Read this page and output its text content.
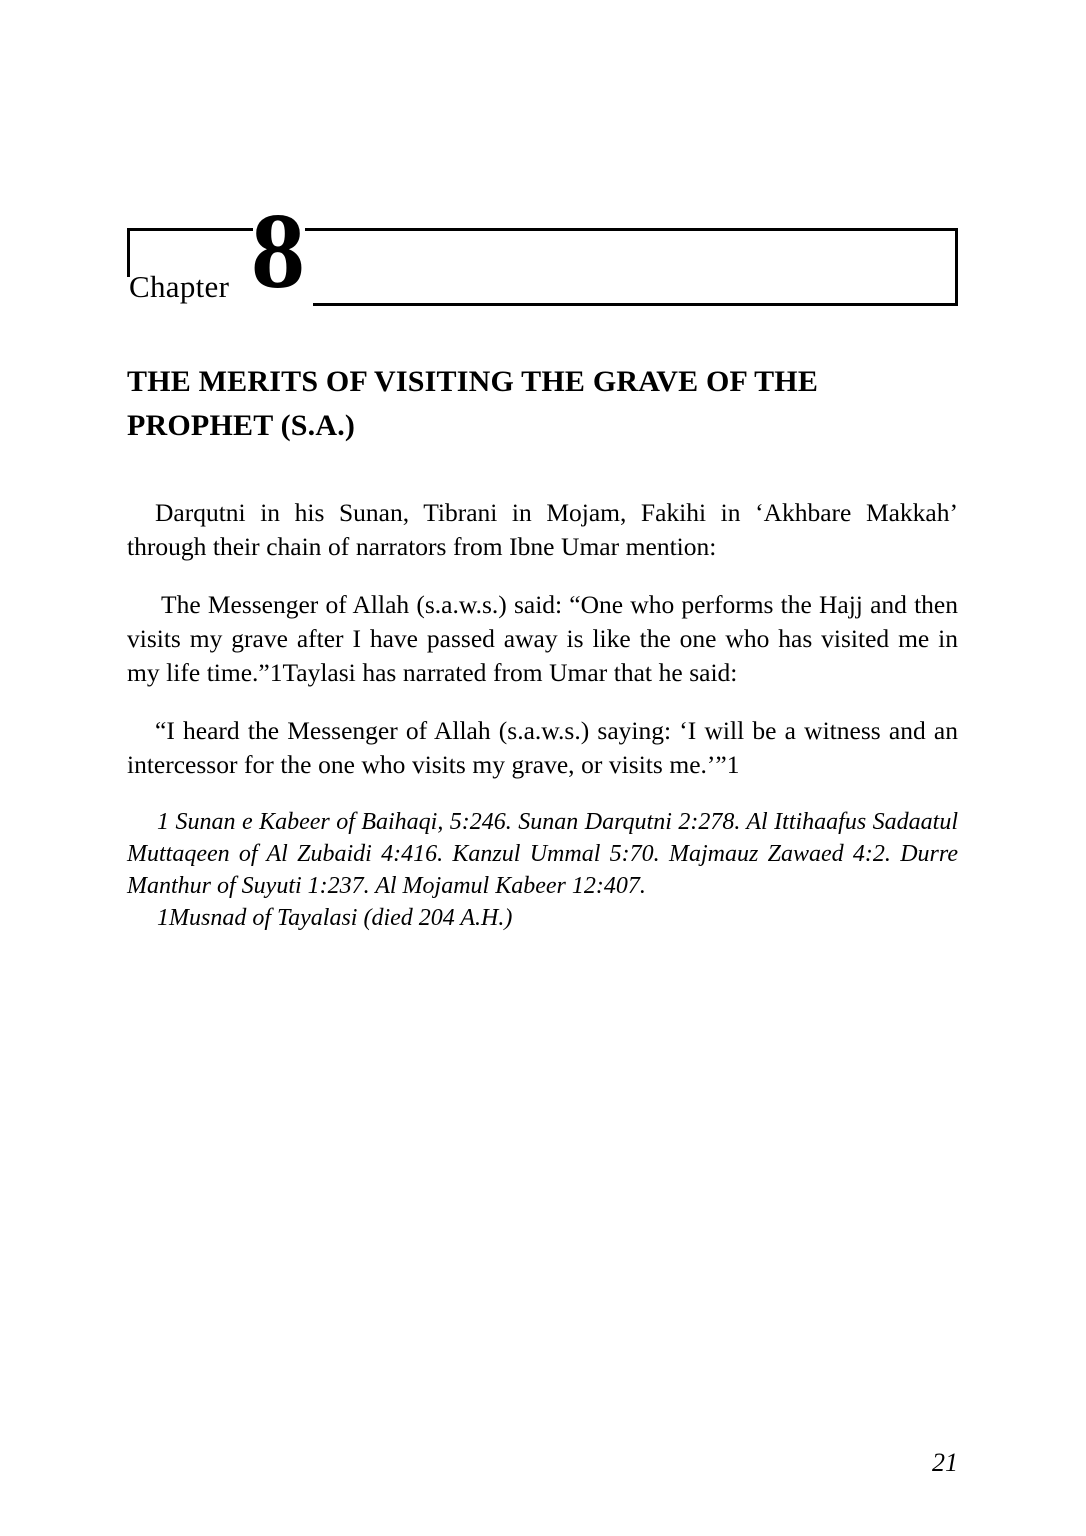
Chapter 8
THE MERITS OF VISITING THE GRAVE OF THE PROPHET (S.A.)

Darqutni in his Sunan, Tibrani in Mojam, Fakihi in ‘Akhbare Makkah’ through their chain of narrators from Ibne Umar mention:

The Messenger of Allah (s.a.w.s.) said: “One who performs the Hajj and then visits my grave after I have passed away is like the one who has visited me in my life time.”1Taylasi has narrated from Umar that he said:

“I heard the Messenger of Allah (s.a.w.s.) saying: ‘I will be a witness and an intercessor for the one who visits my grave, or visits me.’”1

1 Sunan e Kabeer of Baihaqi, 5:246. Sunan Darqutni 2:278. Al Ittihaafus Sadaatul Muttaqeen of Al Zubaidi 4:416. Kanzul Ummal 5:70. Majmauz Zawaed 4:2. Durre Manthur of Suyuti 1:237. Al Mojamul Kabeer 12:407.

1Musnad of Tayalasi (died 204 A.H.)

21
